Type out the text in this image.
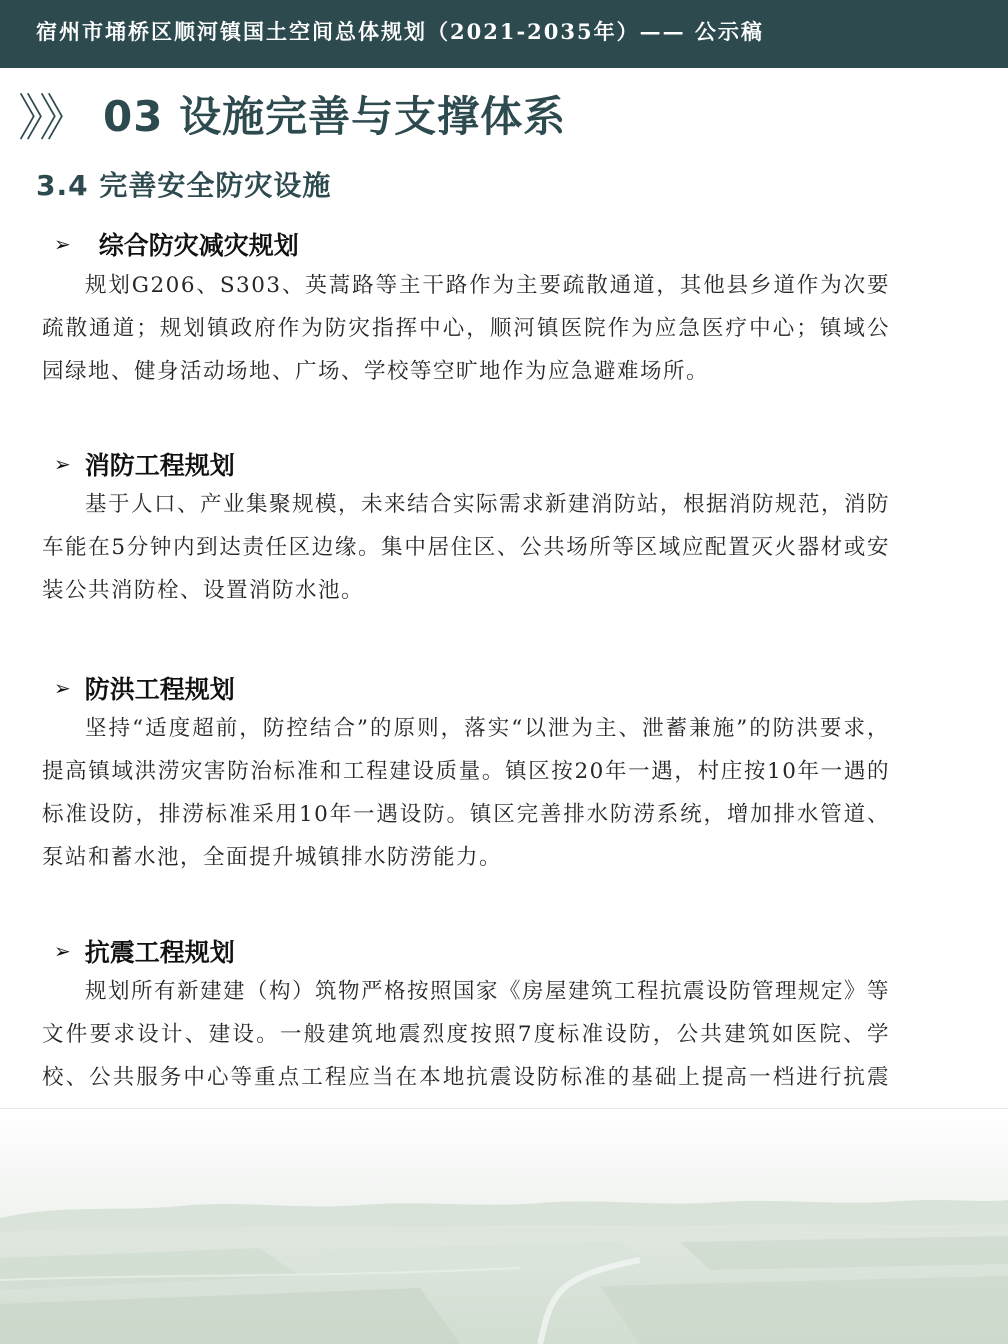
宿州市埇桥区顺河镇国土空间总体规划（2021-2035年）—— 公示稿
》》 03 设施完善与支撑体系
3.4 完善安全防灾设施
➢ 综合防灾减灾规划
规划G206、S303、英蒿路等主干路作为主要疏散通道，其他县乡道作为次要疏散通道；规划镇政府作为防灾指挥中心，顺河镇医院作为应急医疗中心；镇域公园绿地、健身活动场地、广场、学校等空旷地作为应急避难场所。
➢ 消防工程规划
基于人口、产业集聚规模，未来结合实际需求新建消防站，根据消防规范，消防车能在5分钟内到达责任区边缘。集中居住区、公共场所等区域应配置灭火器材或安装公共消防栓、设置消防水池。
➢ 防洪工程规划
坚持“适度超前，防控结合”的原则，落实“以泄为主、泄蓄兼施”的防洪要求，提高镇域洪涝灾害防治标准和工程建设质量。镇区按20年一遇，村庄按10年一遇的标准设防，排涝标准采用10年一遇设防。镇区完善排水防涝系统，增加排水管道、泵站和蓄水池，全面提升城镇排水防涝能力。
➢ 抗震工程规划
规划所有新建建（构）筑物严格按照国家《房屋建筑工程抗震设防管理规定》等文件要求设计、建设。一般建筑地震烈度按照7度标准设防，公共建筑如医院、学校、公共服务中心等重点工程应当在本地抗震设防标准的基础上提高一档进行抗震
